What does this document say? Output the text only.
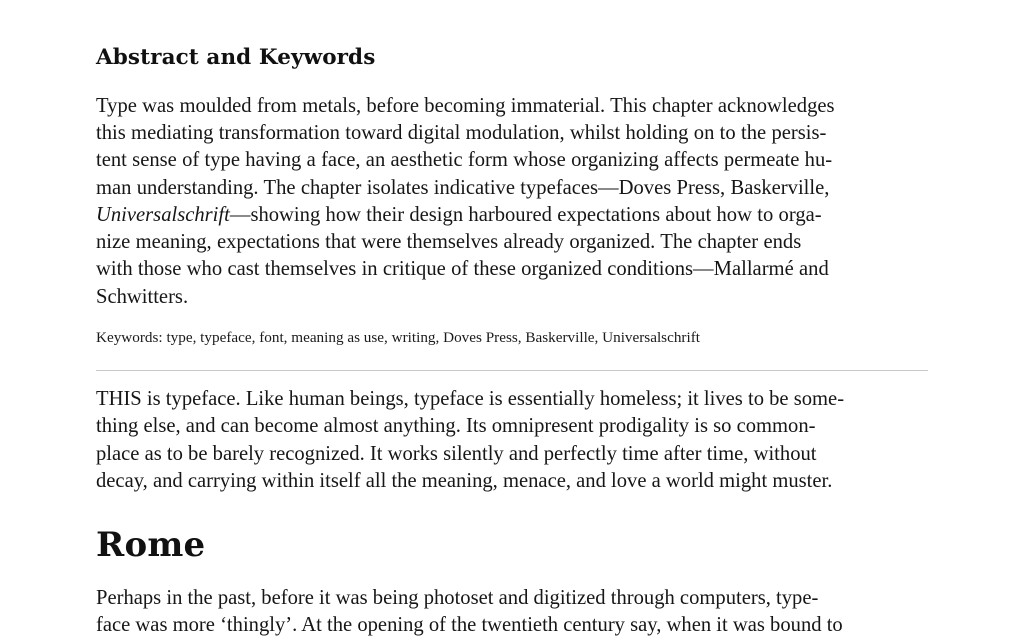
Abstract and Keywords

Type was moulded from metals, before becoming immaterial. This chapter acknowledges
this mediating transformation toward digital modulation, whilst holding on to the persis-
tent sense of type having a face, an aesthetic form whose organizing affects permeate hu-
man understanding. The chapter isolates indicative typefaces—Doves Press, Baskerville,
Universalschrift—showing how their design harboured expectations about how to orga-
nize meaning, expectations that were themselves already organized. The chapter ends
with those who cast themselves in critique of these organized conditions—Mallarmé and
Schwitters.

Keywords: type, typeface, font, meaning as use, writing, Doves Press, Baskerville, Universalschrift

THIS is typeface. Like human beings, typeface is essentially homeless; it lives to be some-
thing else, and can become almost anything. Its omnipresent prodigality is so common-
place as to be barely recognized. It works silently and perfectly time after time, without
decay, and carrying within itself all the meaning, menace, and love a world might muster.

Rome

Perhaps in the past, before it was being photoset and digitized through computers, type-
face was more ‘thingly’. At the opening of the twentieth century say, when it was bound to
